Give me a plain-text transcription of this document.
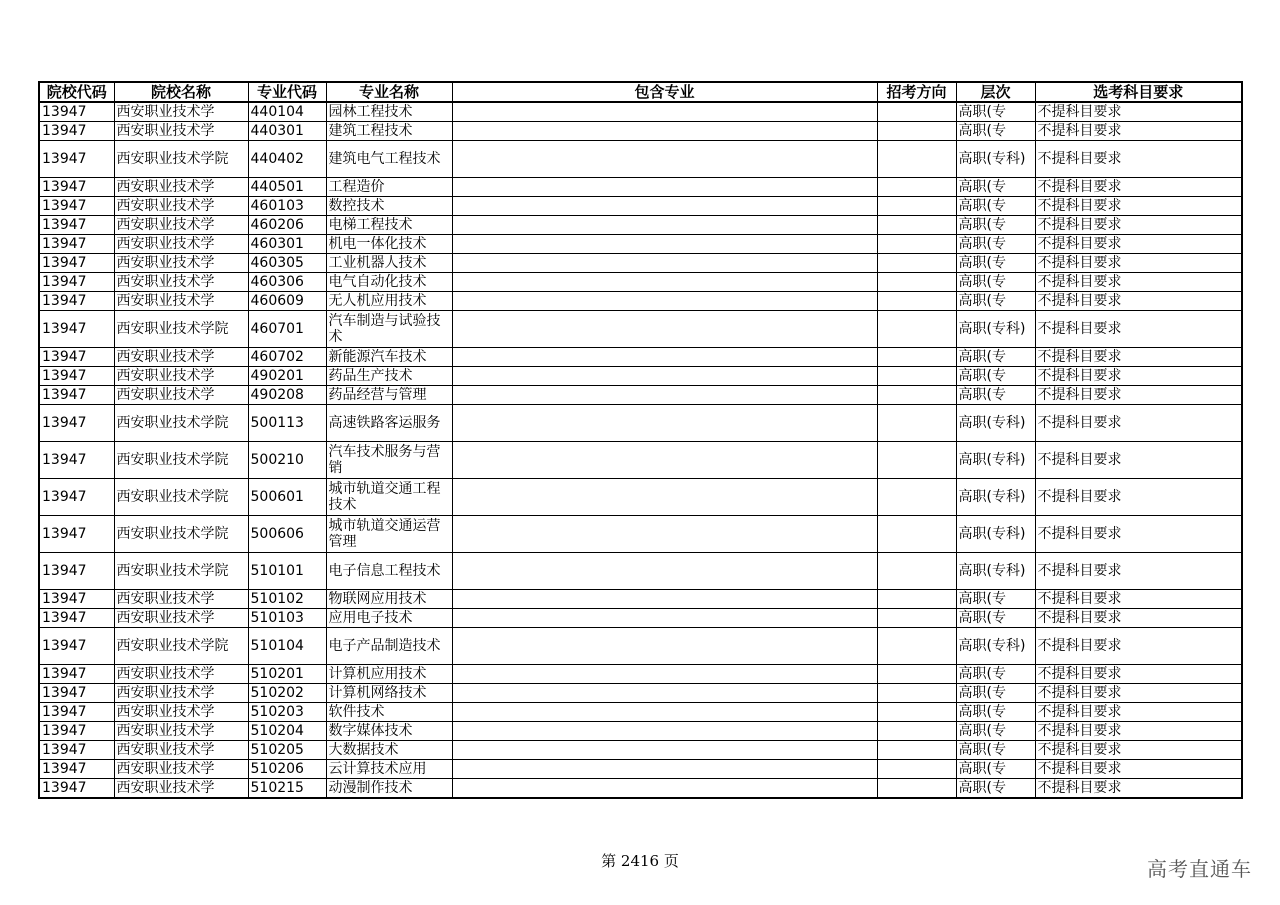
院校代码	院校名称	专业代码	专业名称	包含专业	招考方向	层次	选考科目要求
13947	西安职业技术学	440104	园林工程技术			高职(专	不提科目要求
13947	西安职业技术学	440301	建筑工程技术			高职(专	不提科目要求
13947	西安职业技术学院	440402	建筑电气工程技术			高职(专科)	不提科目要求
13947	西安职业技术学	440501	工程造价			高职(专	不提科目要求
13947	西安职业技术学	460103	数控技术			高职(专	不提科目要求
13947	西安职业技术学	460206	电梯工程技术			高职(专	不提科目要求
13947	西安职业技术学	460301	机电一体化技术			高职(专	不提科目要求
13947	西安职业技术学	460305	工业机器人技术			高职(专	不提科目要求
13947	西安职业技术学	460306	电气自动化技术			高职(专	不提科目要求
13947	西安职业技术学	460609	无人机应用技术			高职(专	不提科目要求
13947	西安职业技术学院	460701	汽车制造与试验技术			高职(专科)	不提科目要求
13947	西安职业技术学	460702	新能源汽车技术			高职(专	不提科目要求
13947	西安职业技术学	490201	药品生产技术			高职(专	不提科目要求
13947	西安职业技术学	490208	药品经营与管理			高职(专	不提科目要求
13947	西安职业技术学院	500113	高速铁路客运服务			高职(专科)	不提科目要求
13947	西安职业技术学院	500210	汽车技术服务与营销			高职(专科)	不提科目要求
13947	西安职业技术学院	500601	城市轨道交通工程技术			高职(专科)	不提科目要求
13947	西安职业技术学院	500606	城市轨道交通运营管理			高职(专科)	不提科目要求
13947	西安职业技术学院	510101	电子信息工程技术			高职(专科)	不提科目要求
13947	西安职业技术学	510102	物联网应用技术			高职(专	不提科目要求
13947	西安职业技术学	510103	应用电子技术			高职(专	不提科目要求
13947	西安职业技术学院	510104	电子产品制造技术			高职(专科)	不提科目要求
13947	西安职业技术学	510201	计算机应用技术			高职(专	不提科目要求
13947	西安职业技术学	510202	计算机网络技术			高职(专	不提科目要求
13947	西安职业技术学	510203	软件技术			高职(专	不提科目要求
13947	西安职业技术学	510204	数字媒体技术			高职(专	不提科目要求
13947	西安职业技术学	510205	大数据技术			高职(专	不提科目要求
13947	西安职业技术学	510206	云计算技术应用			高职(专	不提科目要求
13947	西安职业技术学	510215	动漫制作技术			高职(专	不提科目要求
第 2416 页	高考直通车
